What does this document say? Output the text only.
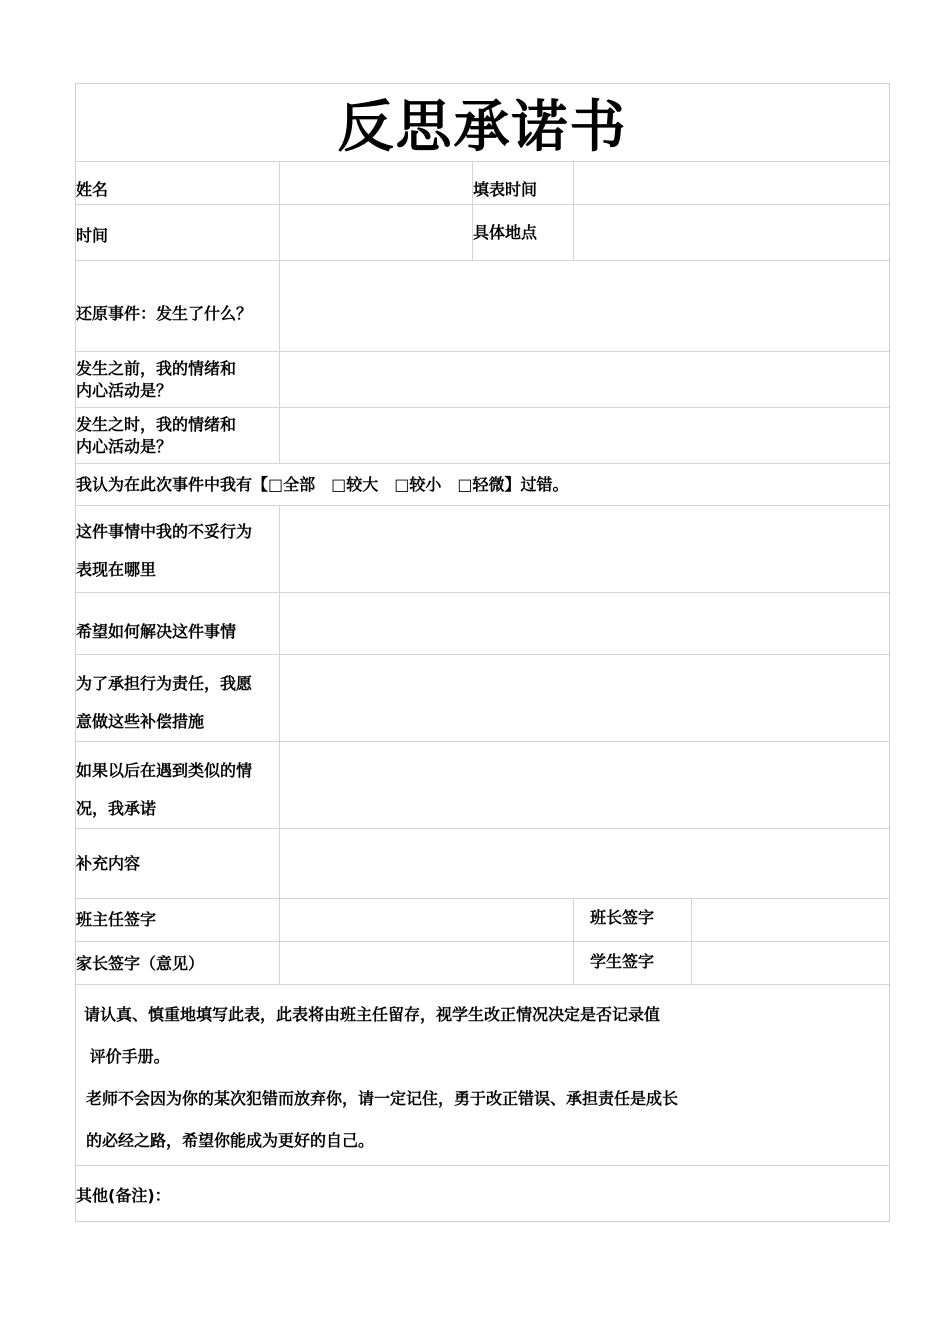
反思承诺书
姓名	填表时间
时间	具体地点
还原事件：发生了什么？
发生之前，我的情绪和
内心活动是？
发生之时，我的情绪和
内心活动是？
我认为在此次事件中我有【□全部　□较大　□较小　□轻微】过错。
这件事情中我的不妥行为
表现在哪里
希望如何解决这件事情
为了承担行为责任，我愿
意做这些补偿措施
如果以后在遇到类似的情
况，我承诺
补充内容
班主任签字	班长签字
家长签字（意见）	学生签字
请认真、慎重地填写此表，此表将由班主任留存，视学生改正情况决定是否记录值
评价手册。
老师不会因为你的某次犯错而放弃你，请一定记住，勇于改正错误、承担责任是成长
的必经之路，希望你能成为更好的自己。
其他(备注)：
